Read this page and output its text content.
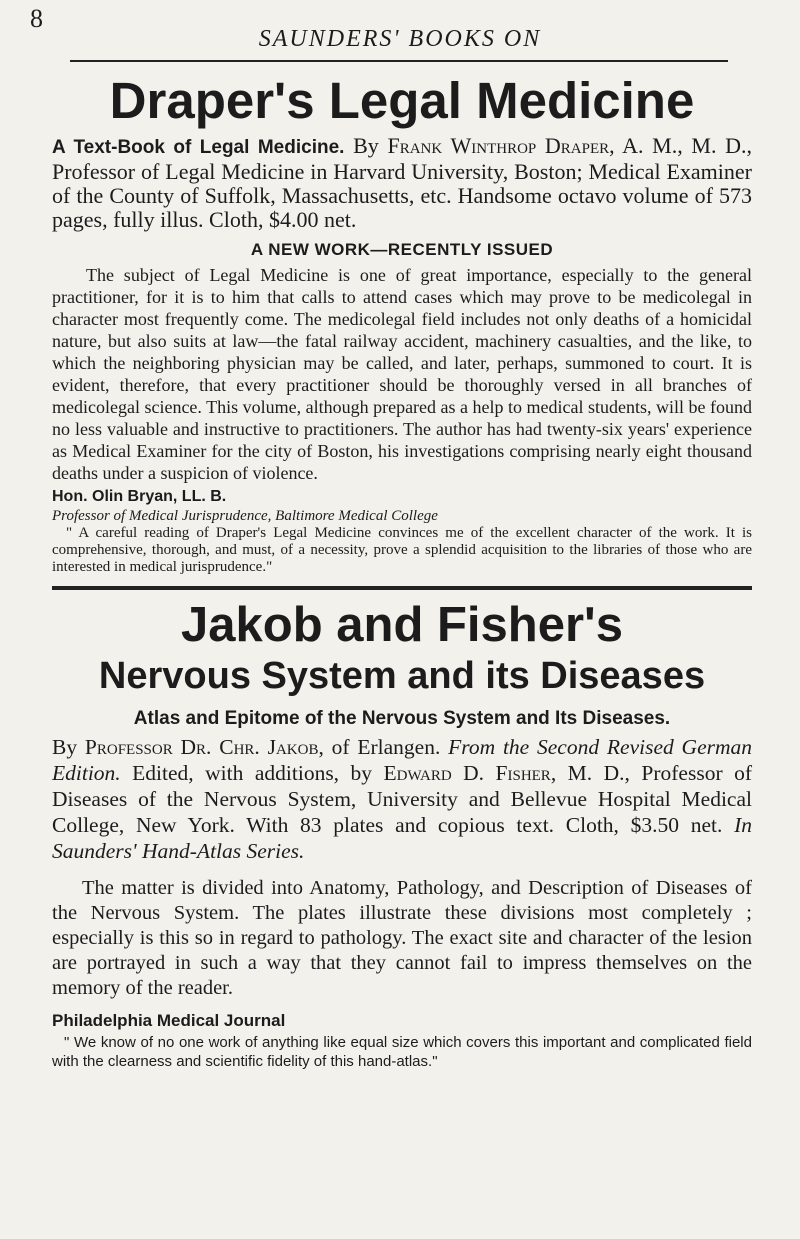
8
SAUNDERS' BOOKS ON
Draper's Legal Medicine

A Text-Book of Legal Medicine. By Frank Winthrop Draper, A. M., M. D., Professor of Legal Medicine in Harvard University, Boston; Medical Examiner of the County of Suffolk, Massachusetts, etc. Handsome octavo volume of 573 pages, fully illus. Cloth, $4.00 net.

A NEW WORK—RECENTLY ISSUED

The subject of Legal Medicine is one of great importance, especially to the general practitioner, for it is to him that calls to attend cases which may prove to be medicolegal in character most frequently come. The medicolegal field includes not only deaths of a homicidal nature, but also suits at law—the fatal railway accident, machinery casualties, and the like, to which the neighboring physician may be called, and later, perhaps, summoned to court. It is evident, therefore, that every practitioner should be thoroughly versed in all branches of medicolegal science. This volume, although prepared as a help to medical students, will be found no less valuable and instructive to practitioners. The author has had twenty-six years' experience as Medical Examiner for the city of Boston, his investigations comprising nearly eight thousand deaths under a suspicion of violence.

Hon. Olin Bryan, LL. B.
Professor of Medical Jurisprudence, Baltimore Medical College

" A careful reading of Draper's Legal Medicine convinces me of the excellent character of the work. It is comprehensive, thorough, and must, of a necessity, prove a splendid acquisition to the libraries of those who are interested in medical jurisprudence."

Jakob and Fisher's
Nervous System and its Diseases
Atlas and Epitome of the Nervous System and Its Diseases.

By Professor Dr. Chr. Jakob, of Erlangen. From the Second Revised German Edition. Edited, with additions, by Edward D. Fisher, M. D., Professor of Diseases of the Nervous System, University and Bellevue Hospital Medical College, New York. With 83 plates and copious text. Cloth, $3.50 net. In Saunders' Hand-Atlas Series.

The matter is divided into Anatomy, Pathology, and Description of Diseases of the Nervous System. The plates illustrate these divisions most completely ; especially is this so in regard to pathology. The exact site and character of the lesion are portrayed in such a way that they cannot fail to impress themselves on the memory of the reader.

Philadelphia Medical Journal

" We know of no one work of anything like equal size which covers this important and complicated field with the clearness and scientific fidelity of this hand-atlas."
